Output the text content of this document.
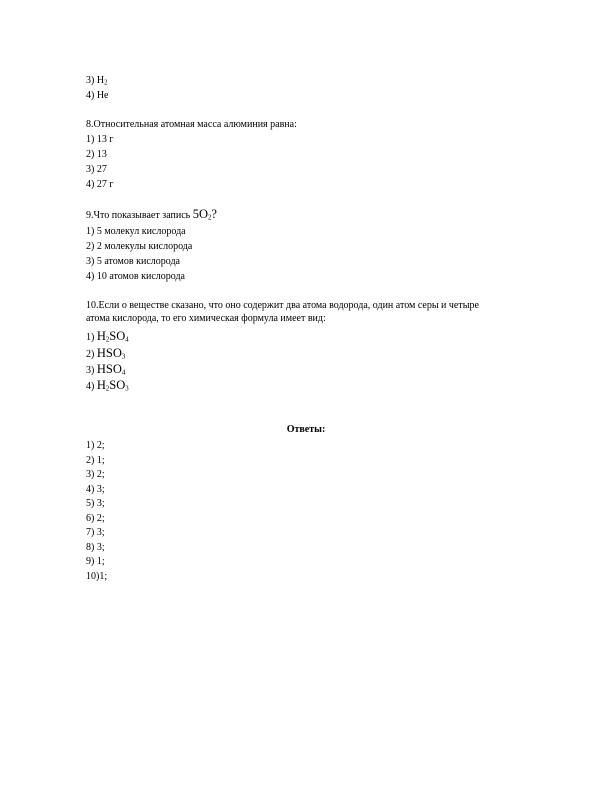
3) $H_2$
4) He
8.Относительная атомная масса алюминия равна:
1) 13 г
2) 13
3) 27
4) 27 г
9.Что показывает запись $5O_2$?
1) 5 молекул кислорода
2) 2 молекулы кислорода
3) 5 атомов кислорода
4) 10 атомов кислорода
10.Если о веществе сказано, что оно содержит два атома водорода, один атом серы и четыре
атома кислорода, то его химическая формула имеет вид:
1) $H_2SO_4$
2) $HSO_3$
3) $HSO_4$
4) $H_2SO_3$
Ответы:
1) 2;
2) 1;
3) 2;
4) 3;
5) 3;
6) 2;
7) 3;
8) 3;
9) 1;
10)1;
